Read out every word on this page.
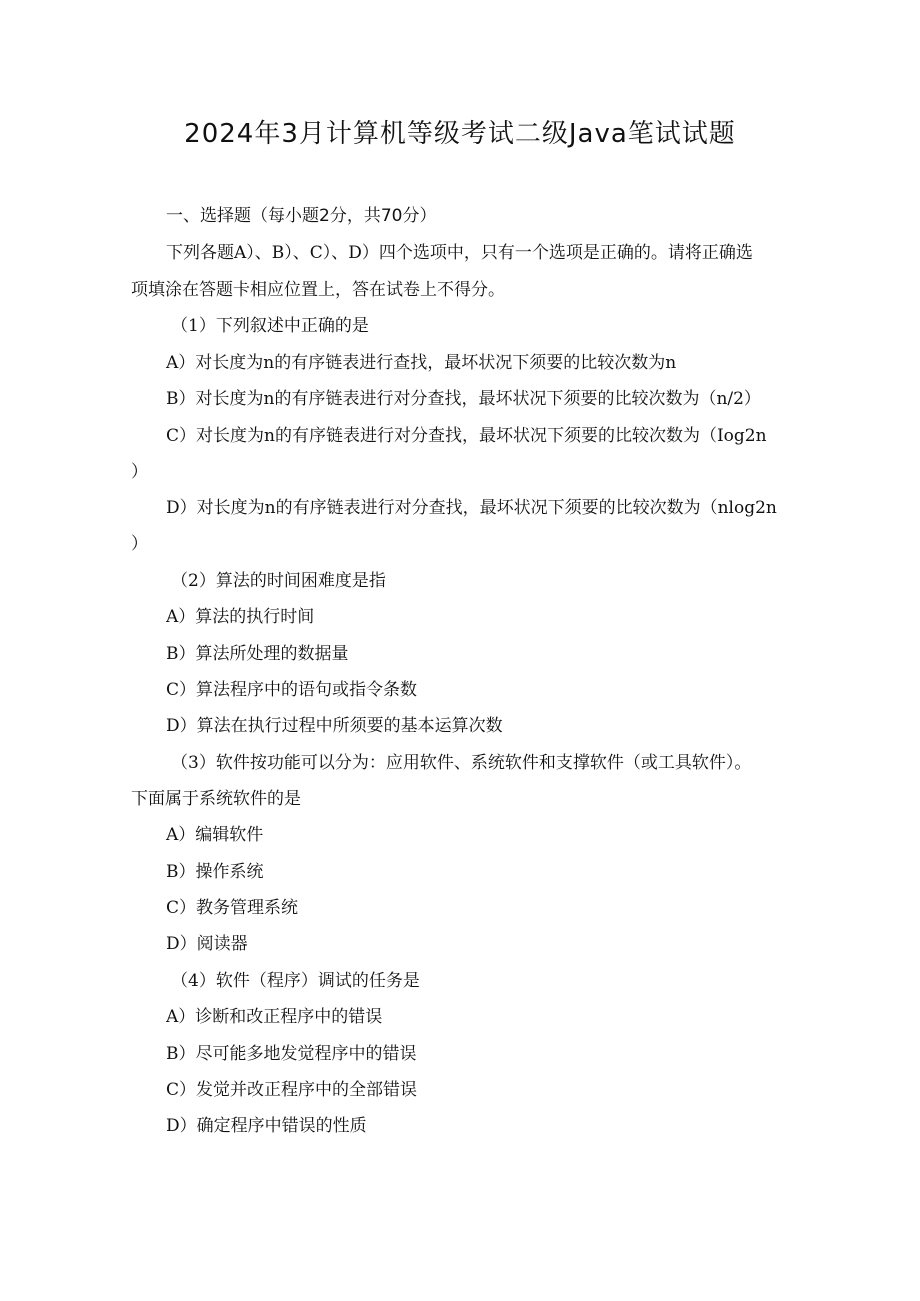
2024年3月计算机等级考试二级Java笔试试题
一、选择题（每小题2分，共70分）
下列各题A）、B）、C）、D）四个选项中，只有一个选项是正确的。请将正确选
项填涂在答题卡相应位置上，答在试卷上不得分。
（1）下列叙述中正确的是
A）对长度为n的有序链表进行查找，最坏状况下须要的比较次数为n
B）对长度为n的有序链表进行对分查找，最坏状况下须要的比较次数为（n/2）
C）对长度为n的有序链表进行对分查找，最坏状况下须要的比较次数为（Iog2n
）
D）对长度为n的有序链表进行对分查找，最坏状况下须要的比较次数为（nlog2n
）
（2）算法的时间困难度是指
A）算法的执行时间
B）算法所处理的数据量
C）算法程序中的语句或指令条数
D）算法在执行过程中所须要的基本运算次数
（3）软件按功能可以分为：应用软件、系统软件和支撑软件（或工具软件）。
下面属于系统软件的是
A）编辑软件
B）操作系统
C）教务管理系统
D）阅读器
（4）软件（程序）调试的任务是
A）诊断和改正程序中的错误
B）尽可能多地发觉程序中的错误
C）发觉并改正程序中的全部错误
D）确定程序中错误的性质
